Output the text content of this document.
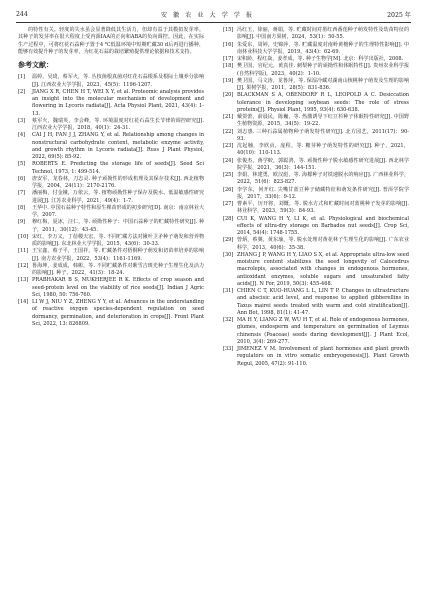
244	安 徽 农 业 大 学 学 报	2025 年

的特性有关。轻度的失水虽会显著降低其生活力，但却有益于其模拟发芽率。其种子的发芽率在很大程度上受内源IAA的正向和ABA的负向调控。因此，在实际生产过程中，可将红花石蒜种子置于4 ℃低温环境中短期贮藏30 d后再进行播种，能够有效提升种子的发芽率，为红花石蒜的栽培繁殖提供理论依据和技术支持。

参考文献：
[1]	温婷，吴琦，蔡军火，等. 丛枝菌根真菌对红花石蒜根系及根际土壤养分影响[J]. 江西农业大学学报，2023，45(5)：1196-1207.
[2]	JIANG X R, CHEN H T, WEI X Y, et al. Proteomic analysis provides an insight into the molecular mechanism of development and flowering in Lycoris radiata[J]. Acta Physiol Plant, 2021, 43(4): 1-13.
[3]	蔡军火，魏瑞英，李会峰，等. 环境温度对红花石蒜生长节律的调控研究[J]. 江西农业大学学报，2018，40(1)：24-31.
[4]	CAI J H, FAN J J, ZHANG Y, et al. Relationship among changes in nonstructural carbohydrate content, metabolic enzyme activity, and growth rhythm in Lycoris radiata[J]. Russ J Plant Physiol, 2022, 69(5): 85-92.
[5]	ROBERTS E. Predicting the storage life of seeds[J]. Seed Sci Technol, 1973, 1: 499-514.
[6]	唐安军，龙春林，刀志灵. 种子顽拗性的形成机理及其保存技术[J]. 西北植物学报，2004，24(11)：2170-2176.
[7]	潘丽梅，付金娥，万依云，等. 植物顽拗性种子保存及脱水、低温敏感性研究进展[J]. 江苏农业科学，2021，49(4)：1-7.
[8]	王华中. 中国石蒜种子特性和原生裸苗形成的初步研究[D]. 南京：南京林业大学，2007.
[9]	穆红梅，夏冰，汪仁，等. 顽拗性种子：中国石蒜种子的贮藏特性研究[J]. 种子，2011，30(12)：43-45.
[10] 宋红，李万义，丁蓓稷天宏，等. 不同贮藏方法对锹叶卫矛种子萌发和营养物质的影响[J]. 东北林业大学学报，2015，43(6)：30-33.
[11] 王宝鑫，蔡子平，王国祥，等. 贮藏条件对梧桐种子萌发和切苗率培养的影响[J]. 南方农业学报，2022，53(4)：1161-1169.
[12] 鲁海坤，姜成成，韩彬，等. 不同贮藏条件对紫雪吉斑光种子生理生化及活力的影响[J]. 种子，2022，41(3)：18-24.
[13] PRABHAKAR B S, MUKHERJEE R K. Effects of crop season and seed-protein level on the viability of rice seeds[J]. Indian J Agric Sci, 1980, 50: 756-760.
[14] LI W J, NIU Y Z, ZHENG Y Y, et al. Advances in the understanding of reactive oxygen species-dependent regulation on seed dormancy, germination, and deterioration in crops[J]. Front Plant Sci, 2022, 13: 826809.
[15] 冯红玉，徐丽，蒋娟，等. 贮藏时间对墨红西番莲种子萌发特性及幼苗特征的影响[J]. 中国南方果树，2024，53(1)：50-55.
[16] 朱爱东，周婷，史锦萍，等. 贮藏温度对南岭黄檀种子的生理特性影响[J]. 中南林业科技大学学报，2019，43(4)：62-69.
[17] 宋积龄，程红焱，姜孝成，等. 种子生物学[M]. 北京：科学出版社，2008.
[18] 樊卫国，官纪元，黄真佳. 刺梨种子的顽拗性和休眠特性[J]. 贵州农业科学报(自然科学版)，2023，40(2)：1-10.
[19] 樊卫国，马文涛，龙鲁萍，等. 保湿冷藏对湖南山核桃种子萌发及生理的影响[J]. 果树学报，2011，28(5)：831-836.
[20] BLACKMAN S A, OBENDORF R L, LEOPOLD A C. Desiccation tolerance in developing soybean seeds: The role of stress proteins[J]. Physiol Plant, 1995, 93(4): 630-638.
[21] 戴贺蕾，俞晨民，陈巍，等. 热激诱导下红豆杉种子休眠特性研究[J]. 中国野生植物资源，2015，34(5)：19-22.
[22] 刘志惠. 三种石蒜属植物种子萌发特性研究[J]. 北方园艺，2011(17)：90-93.
[23] 沈起楠，李欣贞，庞程，等. 糖芽种子萌发特性的研究[J]. 种子，2021，40(10)：110-113.
[24] 张俊杰，蒋学蛟，郭聪鸿，等. 顽拗性种子脱水敏感性研究进展[J]. 西北林学院学报，2021，36(3)：144-151.
[25] 李娟，林建勇，欧汉彪，等. 海檬种子对铁速脱水的响应[J]. 广西林业科学，2022，51(6)：823-827.
[26] 李学东，何开红. 尖嘴甘蓝豆种子储藏特征和萌发条件研究[J]. 普洱学院学报，2017，33(6)：9-12.
[27] 曹素平，历开将，刘慨，等. 脱水方式和贮藏时间对蓝桃种子发芽的影响[J]. 林业科学，2023，59(3)：84-93.
[28] CUI K, WANG H Y, LI K, et al. Physiological and biochemical effects of ultra-dry storage on Barbados nut seeds[J]. Crop Sci, 2014, 54(4): 1748-1755.
[29] 曾炳，蔡翼，黄东瑜，等. 脱水处理对黄花林子生理生化的影响[J]. 广东农业科学，2013，40(6)：35-38.
[30] ZHANG J P, WANG H Y, LIAO S X, et al. Appropriate ultra-low seed moisture content stabilizes the seed longevity of Calocedrus macrolepis, associated with changes in endogenous hormones, antioxidant enzymes, soluble sugars and unsaturated fatty acids[J]. N For, 2019, 50(3): 455-468.
[31] CHIEN C T, KUO-HUANG L L, LIN T P. Changes in ultrastructure and abscisic acid level, and response to applied gibberellins in Taxus mairei seeds treated with warm and cold stratification[J]. Ann Bot, 1998, 81(1): 41-47.
[32] MA H Y, LIANG Z W, WU H T, et al. Role of endogenous hormones, glumes, endosperm and temperature on germination of Leymus chinensis (Poaceae) seeds during development[J]. J Plant Ecol, 2010, 3(4): 269-277.
[33] JIMENEZ V M. Involvement of plant hormones and plant growth regulators on in vitro somatic embryogenesis[J]. Plant Growth Regul, 2005, 47(2): 91-110.
